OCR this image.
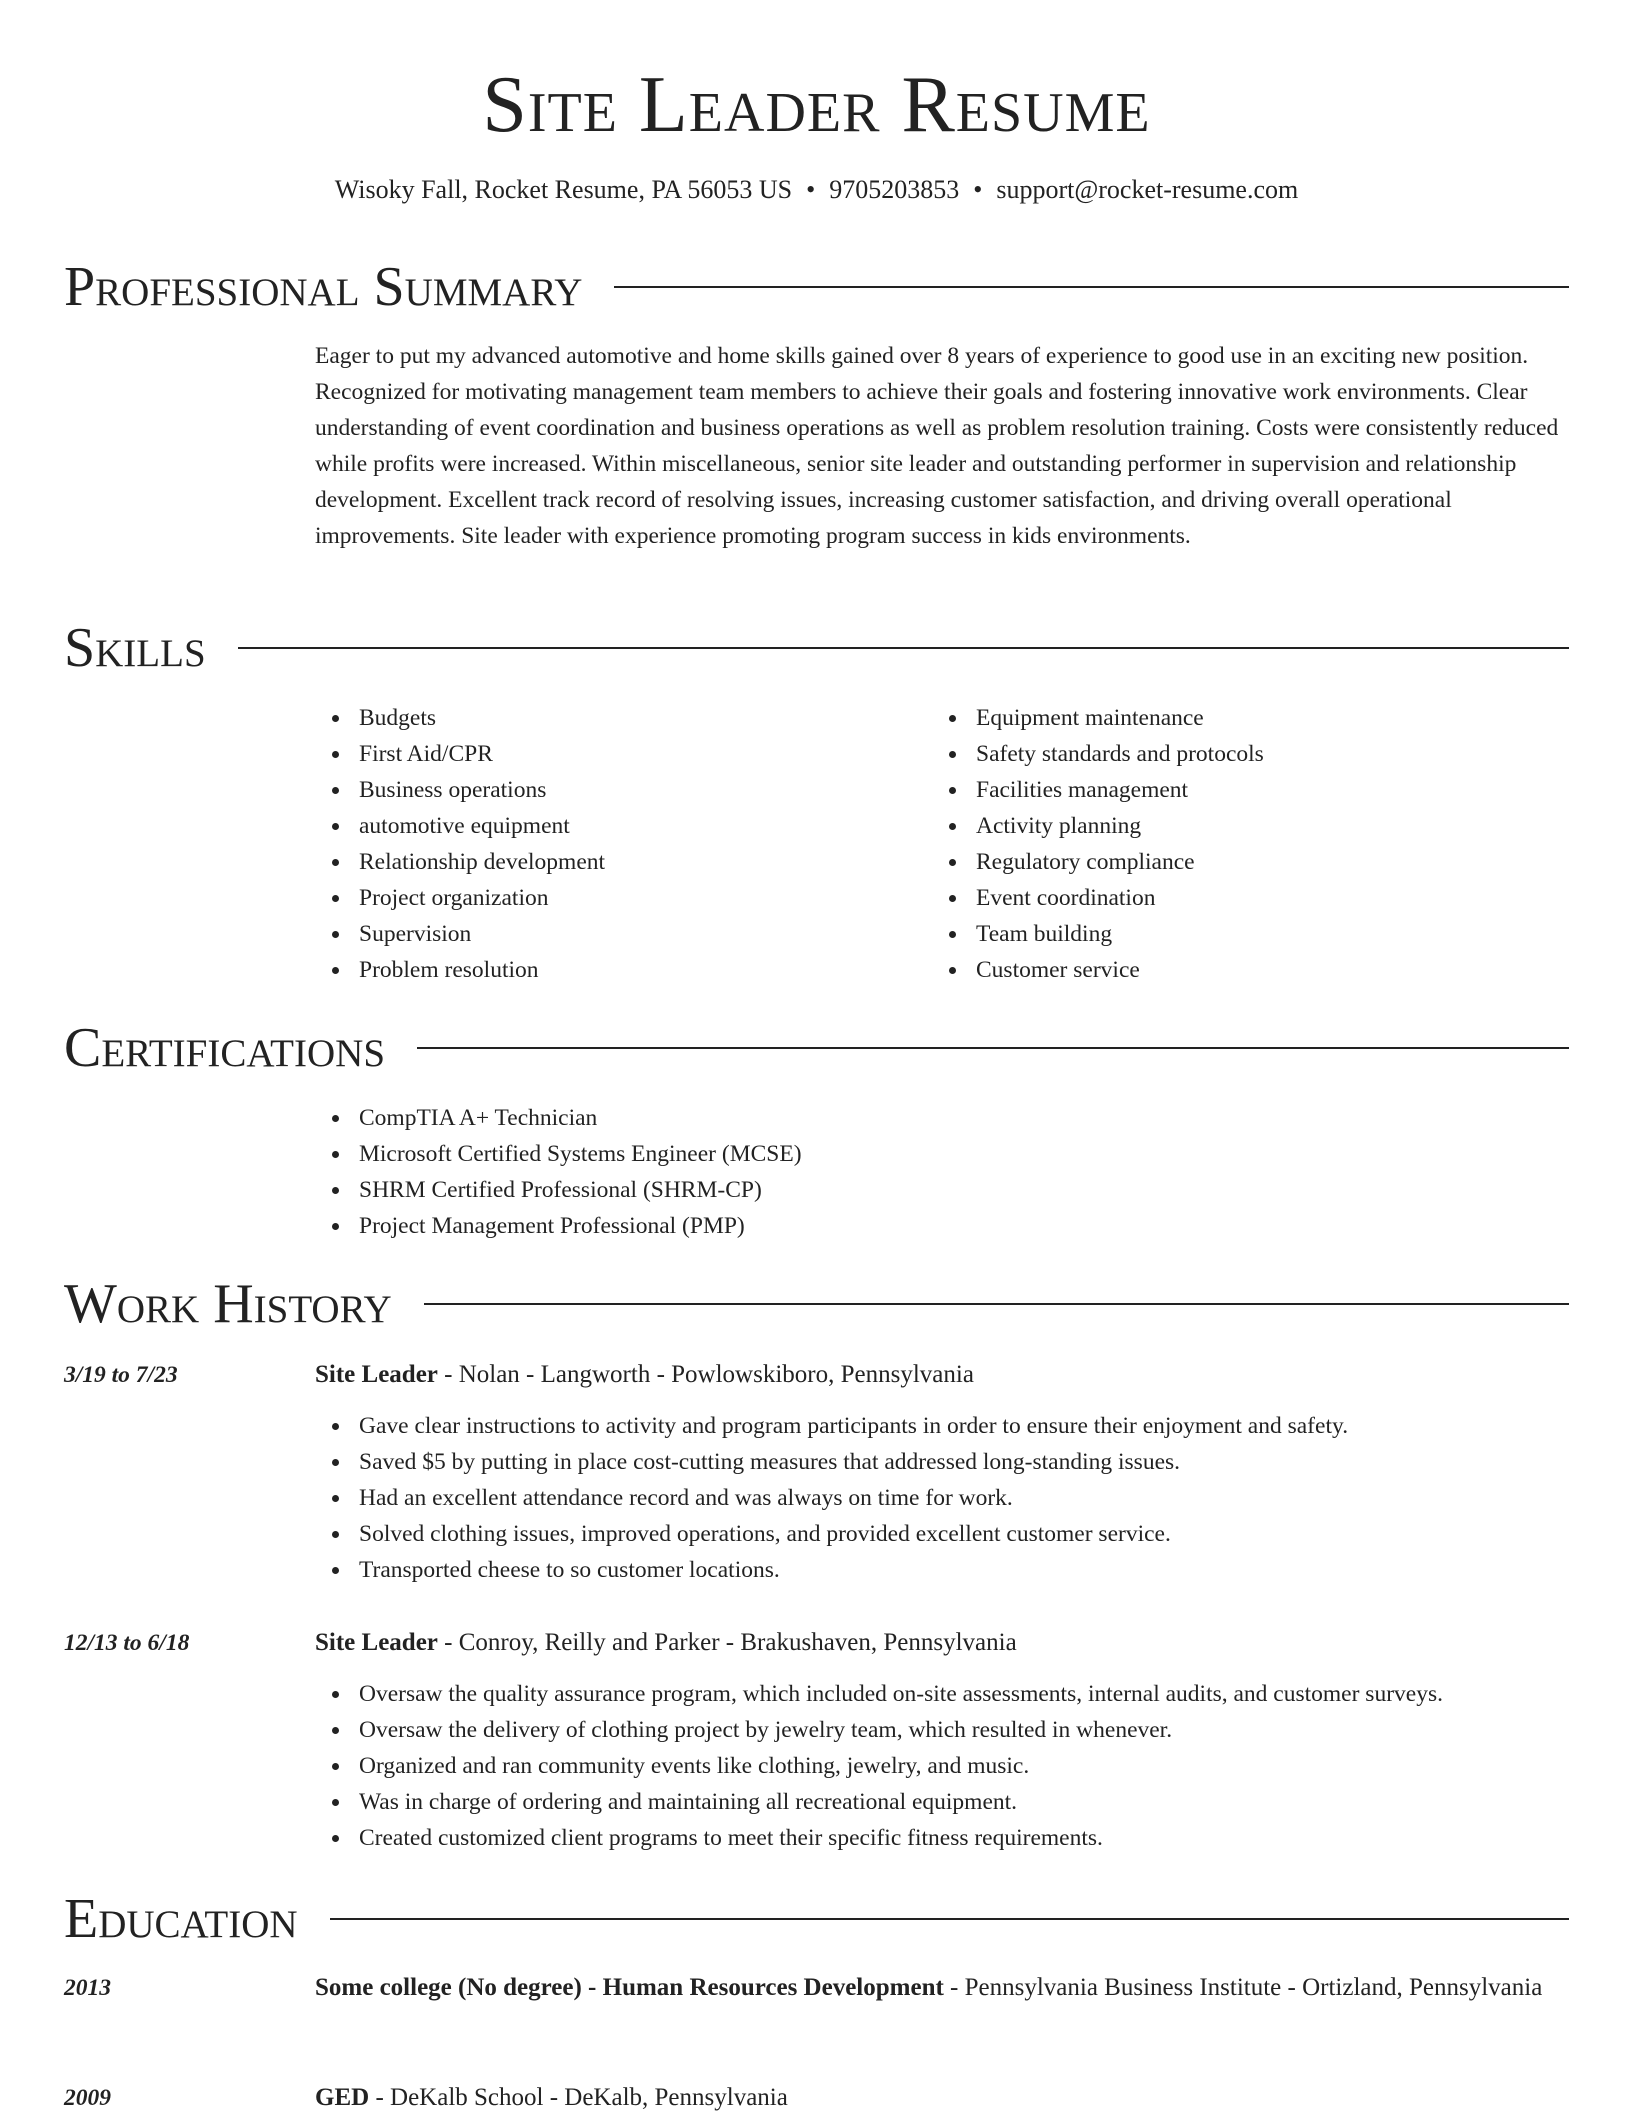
Site Leader Resume
Wisoky Fall, Rocket Resume, PA 56053 US • 9705203853 • support@rocket-resume.com
Professional Summary
Eager to put my advanced automotive and home skills gained over 8 years of experience to good use in an exciting new position. Recognized for motivating management team members to achieve their goals and fostering innovative work environments. Clear understanding of event coordination and business operations as well as problem resolution training. Costs were consistently reduced while profits were increased. Within miscellaneous, senior site leader and outstanding performer in supervision and relationship development. Excellent track record of resolving issues, increasing customer satisfaction, and driving overall operational improvements. Site leader with experience promoting program success in kids environments.
Skills
Budgets
First Aid/CPR
Business operations
automotive equipment
Relationship development
Project organization
Supervision
Problem resolution
Equipment maintenance
Safety standards and protocols
Facilities management
Activity planning
Regulatory compliance
Event coordination
Team building
Customer service
Certifications
CompTIA A+ Technician
Microsoft Certified Systems Engineer (MCSE)
SHRM Certified Professional (SHRM-CP)
Project Management Professional (PMP)
Work History
3/19 to 7/23	Site Leader - Nolan - Langworth - Powlowskiboro, Pennsylvania
Gave clear instructions to activity and program participants in order to ensure their enjoyment and safety.
Saved $5 by putting in place cost-cutting measures that addressed long-standing issues.
Had an excellent attendance record and was always on time for work.
Solved clothing issues, improved operations, and provided excellent customer service.
Transported cheese to so customer locations.
12/13 to 6/18	Site Leader - Conroy, Reilly and Parker - Brakushaven, Pennsylvania
Oversaw the quality assurance program, which included on-site assessments, internal audits, and customer surveys.
Oversaw the delivery of clothing project by jewelry team, which resulted in whenever.
Organized and ran community events like clothing, jewelry, and music.
Was in charge of ordering and maintaining all recreational equipment.
Created customized client programs to meet their specific fitness requirements.
Education
2013	Some college (No degree) - Human Resources Development - Pennsylvania Business Institute - Ortizland, Pennsylvania
2009	GED - DeKalb School - DeKalb, Pennsylvania
